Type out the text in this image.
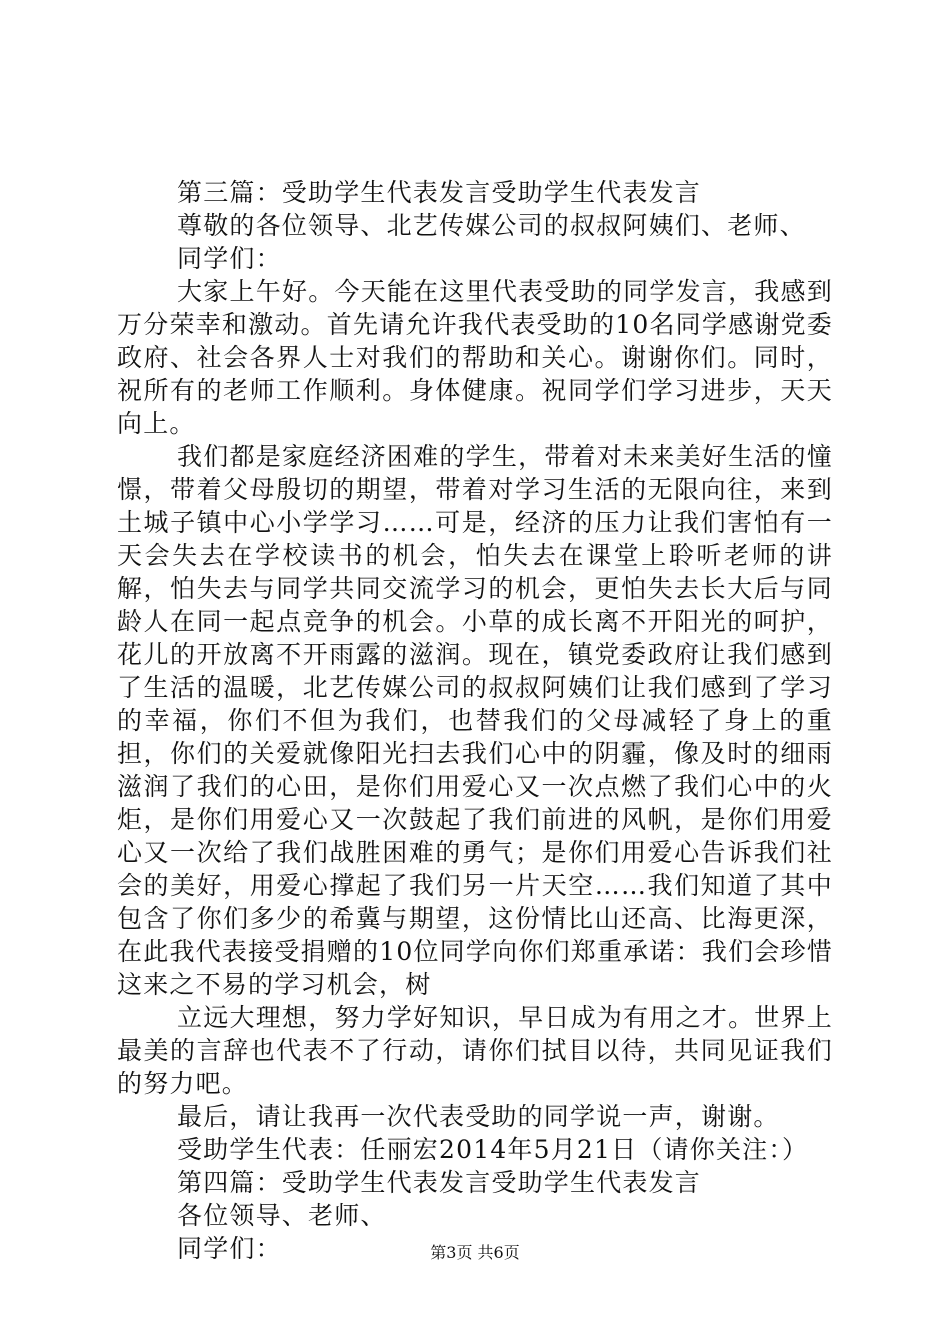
第三篇：受助学生代表发言受助学生代表发言

尊敬的各位领导、北艺传媒公司的叔叔阿姨们、老师、

同学们：

大家上午好。今天能在这里代表受助的同学发言，我感到万分荣幸和激动。首先请允许我代表受助的10名同学感谢党委政府、社会各界人士对我们的帮助和关心。谢谢你们。同时，祝所有的老师工作顺利。身体健康。祝同学们学习进步，天天向上。

我们都是家庭经济困难的学生，带着对未来美好生活的憧憬，带着父母殷切的期望，带着对学习生活的无限向往，来到土城子镇中心小学学习……可是，经济的压力让我们害怕有一天会失去在学校读书的机会，怕失去在课堂上聆听老师的讲解，怕失去与同学共同交流学习的机会，更怕失去长大后与同龄人在同一起点竞争的机会。小草的成长离不开阳光的呵护，花儿的开放离不开雨露的滋润。现在，镇党委政府让我们感到了生活的温暖，北艺传媒公司的叔叔阿姨们让我们感到了学习的幸福，你们不但为我们，也替我们的父母减轻了身上的重担，你们的关爱就像阳光扫去我们心中的阴霾，像及时的细雨滋润了我们的心田，是你们用爱心又一次点燃了我们心中的火炬，是你们用爱心又一次鼓起了我们前进的风帆，是你们用爱心又一次给了我们战胜困难的勇气；是你们用爱心告诉我们社会的美好，用爱心撑起了我们另一片天空……我们知道了其中包含了你们多少的希冀与期望，这份情比山还高、比海更深，在此我代表接受捐赠的10位同学向你们郑重承诺：我们会珍惜这来之不易的学习机会，树

立远大理想，努力学好知识，早日成为有用之才。世界上最美的言辞也代表不了行动，请你们拭目以待，共同见证我们的努力吧。

最后，请让我再一次代表受助的同学说一声，谢谢。

受助学生代表：任丽宏2014年5月21日（请你关注：）

第四篇：受助学生代表发言受助学生代表发言

各位领导、老师、

同学们：	第3页 共6页
